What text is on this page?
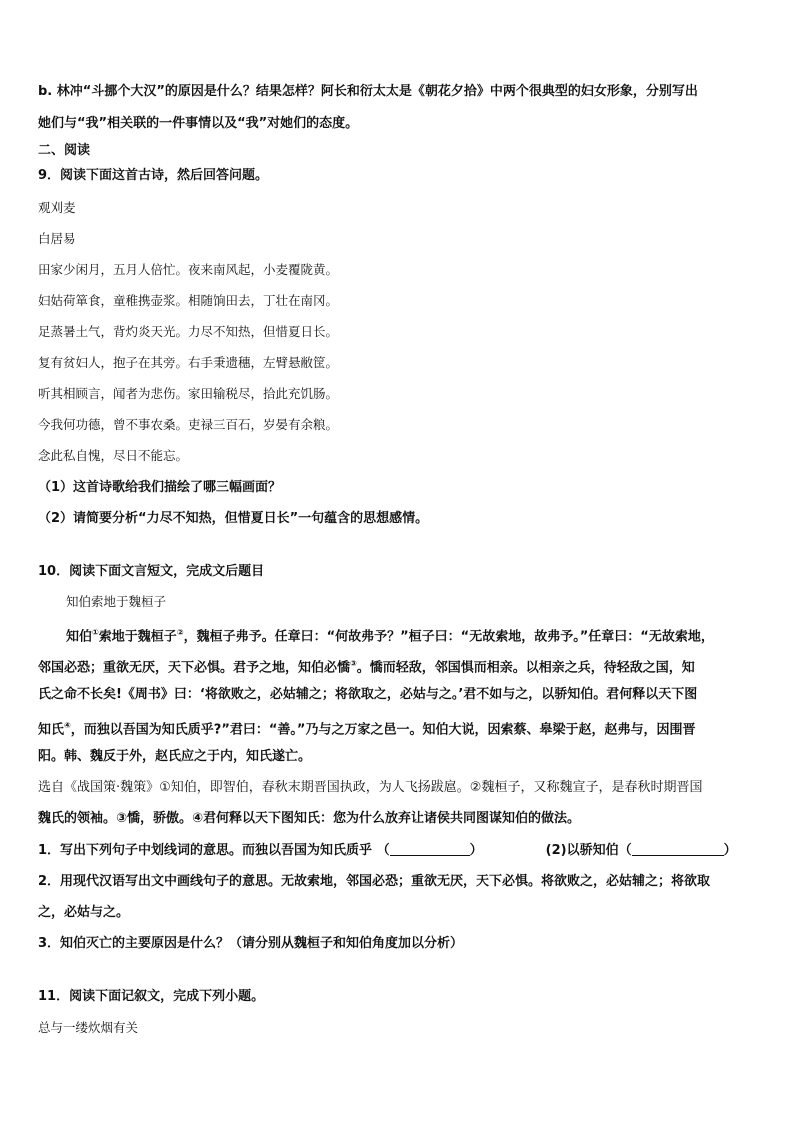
b. 林冲“斗挪个大汉”的原因是什么？结果怎样？阿长和衍太太是《朝花夕拾》中两个很典型的妇女形象，分别写出
她们与“我”相关联的一件事情以及“我”对她们的态度。
二、阅读
9．阅读下面这首古诗，然后回答问题。
观刈麦
白居易
田家少闲月，五月人倍忙。夜来南风起，小麦覆陇黄。
妇姑荷箪食，童稚携壶浆。相随饷田去，丁壮在南冈。
足蒸暑土气，背灼炎天光。力尽不知热，但惜夏日长。
复有贫妇人，抱子在其旁。右手秉遗穗，左臂悬敝筐。
听其相顾言，闻者为悲伤。家田输税尽，拾此充饥肠。
今我何功德，曾不事农桑。吏禄三百石，岁晏有余粮。
念此私自愧，尽日不能忘。
（1）这首诗歌给我们描绘了哪三幅画面？
（2）请简要分析“力尽不知热，但惜夏日长”一句蕴含的思想感情。
10．阅读下面文言短文，完成文后题目
知伯索地于魏桓子
知伯①索地于魏桓子②，魏桓子弗予。任章曰：“何故弗予？”桓子曰：“无故索地，故弗予。”任章曰：“无故索地，
邻国必恐；重欲无厌，天下必惧。君予之地，知伯必憍③。憍而轻敌，邻国惧而相亲。以相亲之兵，待轻敌之国，知
氏之命不长矣!《周书》曰：‘将欲败之，必姑辅之；将欲取之，必姑与之。’君不如与之，以骄知伯。君何释以天下图
知氏④，而独以吾国为知氏质乎?”君曰：“善。”乃与之万家之邑一。知伯大说，因索蔡、皋梁于赵，赵弗与，因围晋
阳。韩、魏反于外，赵氏应之于内，知氏遂亡。
选自《战国策·魏策》①知伯，即智伯，春秋末期晋国执政，为人飞扬跋扈。②魏桓子，又称魏宣子，是春秋时期晋国
魏氏的领袖。③憍，骄傲。④君何释以天下图知氏：您为什么放弃让诸侯共同图谋知伯的做法。
1．写出下列句子中划线词的意思。而独以吾国为知氏质乎 （	）	(2)以骄知伯（	）
2．用现代汉语写出文中画线句子的意思。无故索地，邻国必恐；重欲无厌，天下必惧。将欲败之，必姑辅之；将欲取
之，必姑与之。
3．知伯灭亡的主要原因是什么？（请分别从魏桓子和知伯角度加以分析）
11．阅读下面记叙文，完成下列小题。
总与一缕炊烟有关
